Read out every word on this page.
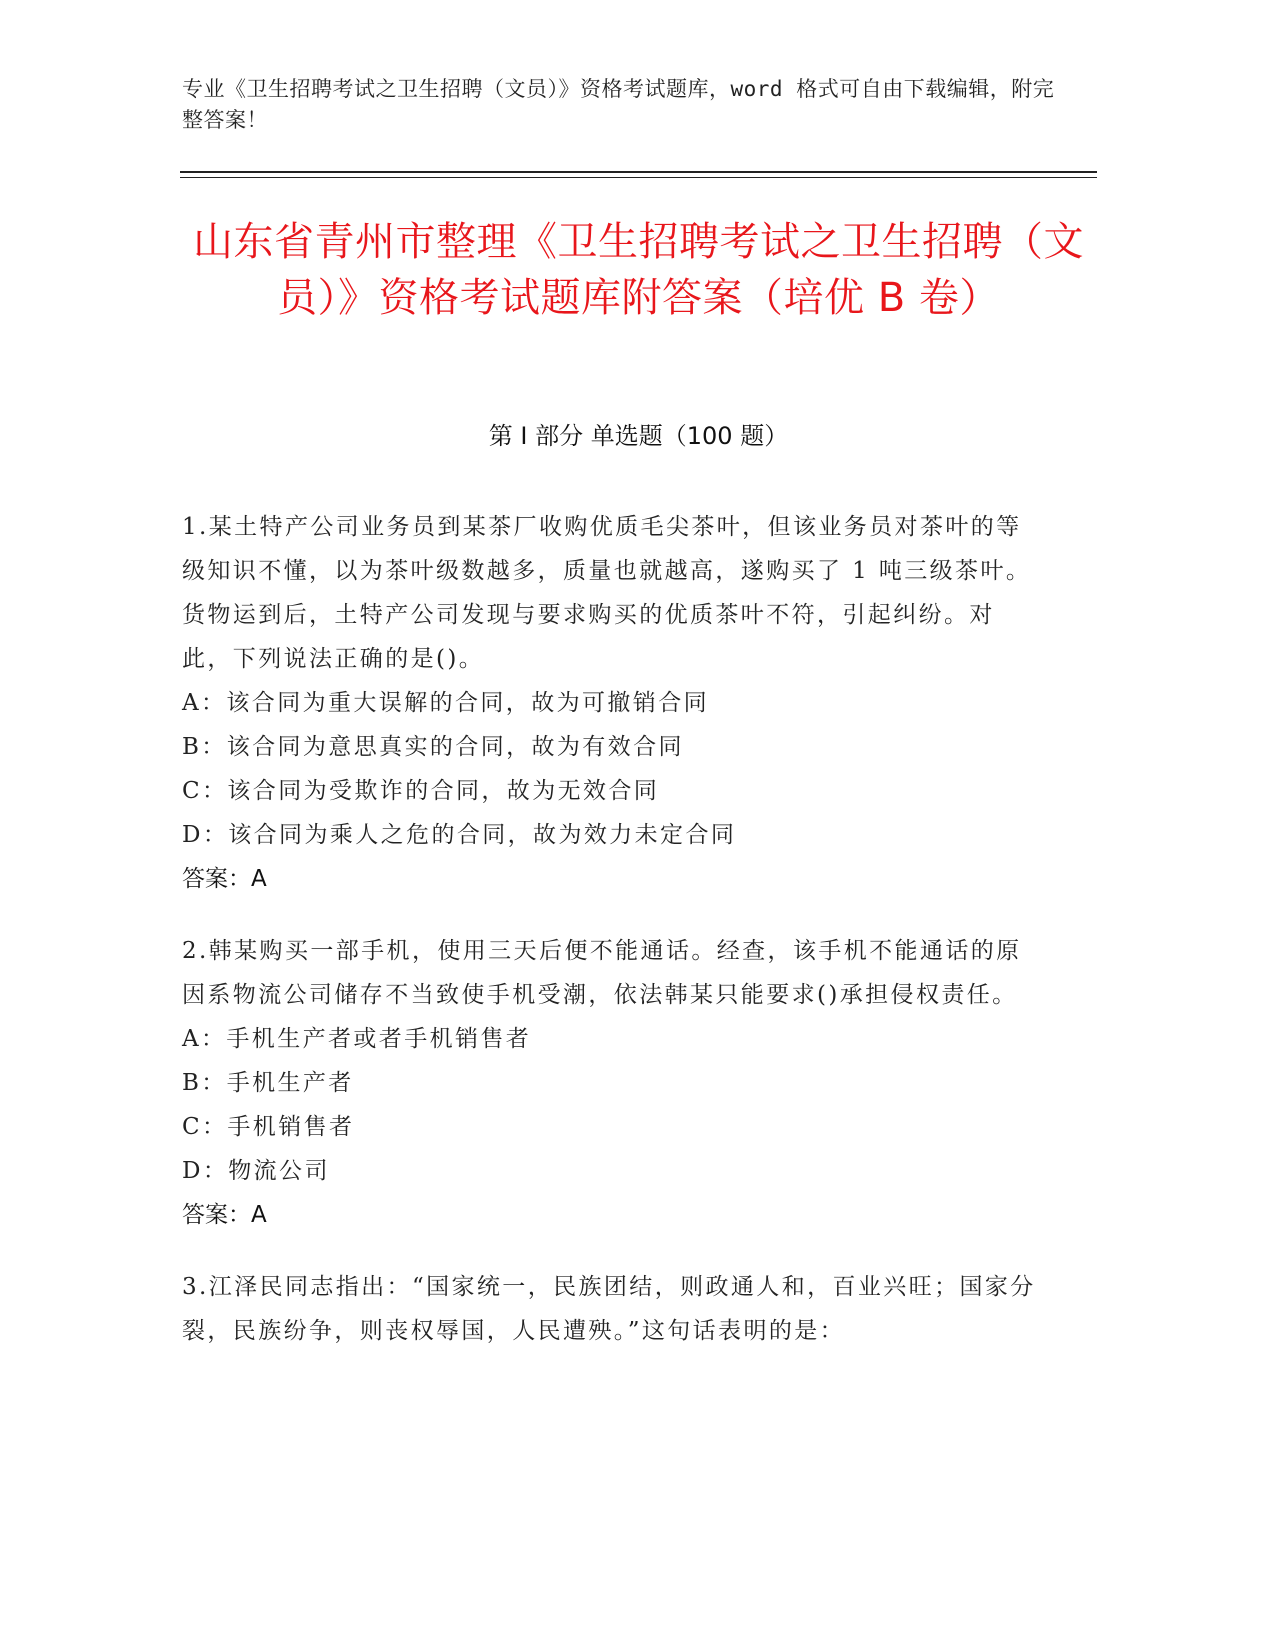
专业《卫生招聘考试之卫生招聘（文员）》资格考试题库，word 格式可自由下载编辑，附完整答案！
山东省青州市整理《卫生招聘考试之卫生招聘（文员）》资格考试题库附答案（培优 B 卷）
第 I 部分 单选题（100 题）

1.某土特产公司业务员到某茶厂收购优质毛尖茶叶，但该业务员对茶叶的等级知识不懂，以为茶叶级数越多，质量也就越高，遂购买了 1 吨三级茶叶。货物运到后，土特产公司发现与要求购买的优质茶叶不符，引起纠纷。对此，下列说法正确的是()。

A：该合同为重大误解的合同，故为可撤销合同

B：该合同为意思真实的合同，故为有效合同

C：该合同为受欺诈的合同，故为无效合同

D：该合同为乘人之危的合同，故为效力未定合同

答案：A

2.韩某购买一部手机，使用三天后便不能通话。经查，该手机不能通话的原因系物流公司储存不当致使手机受潮，依法韩某只能要求()承担侵权责任。

A：手机生产者或者手机销售者

B：手机生产者

C：手机销售者

D：物流公司

答案：A

3.江泽民同志指出：“国家统一，民族团结，则政通人和，百业兴旺；国家分裂，民族纷争，则丧权辱国，人民遭殃。”这句话表明的是：
